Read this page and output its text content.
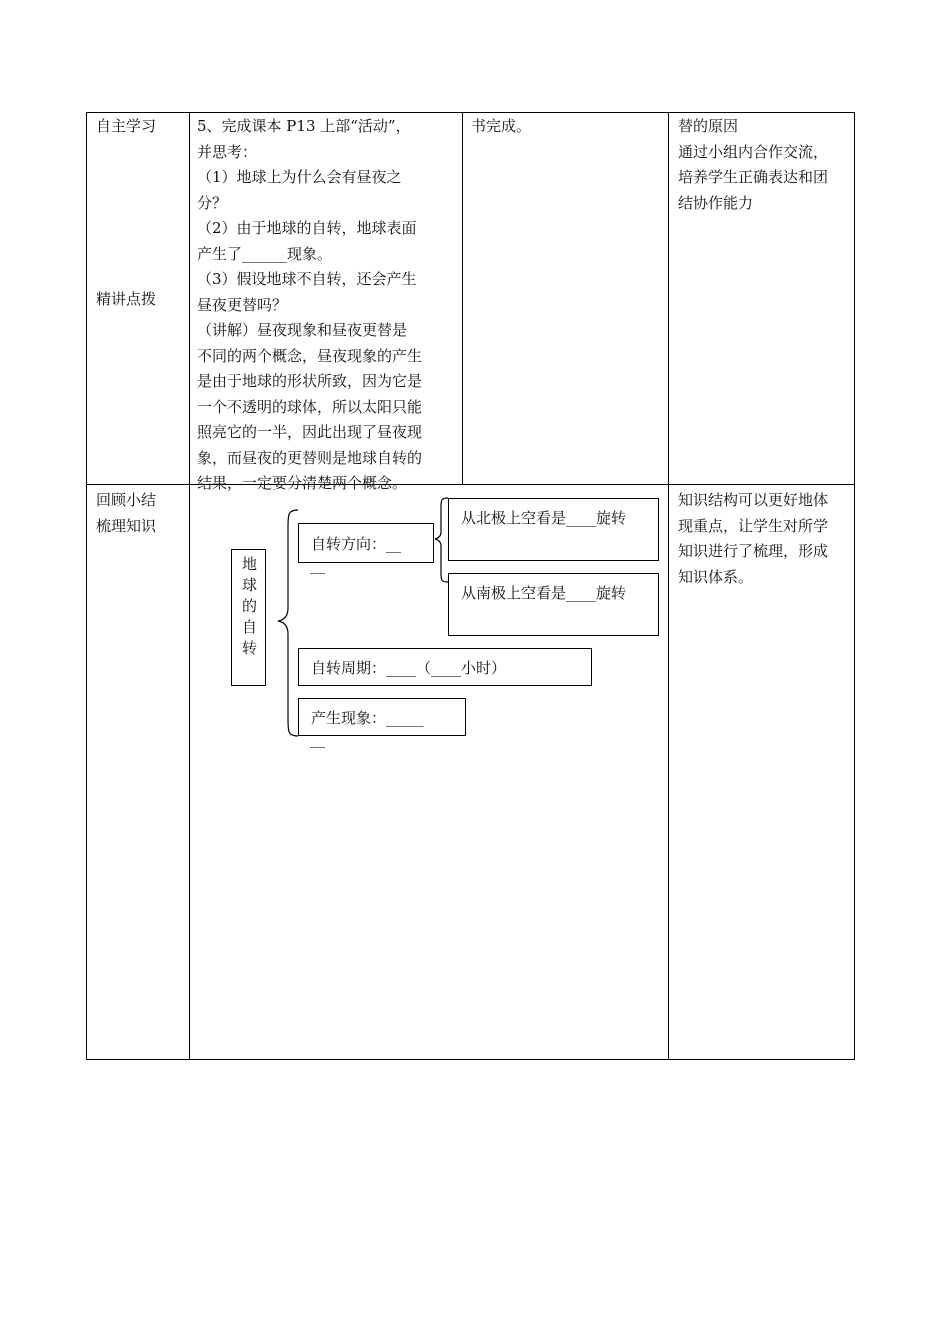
自主学习
精讲点拨
5、完成课本 P13 上部“活动”，
并思考：
（1）地球上为什么会有昼夜之
分？
（2）由于地球的自转，地球表面
产生了______现象。
（3）假设地球不自转，还会产生
昼夜更替吗？
（讲解）昼夜现象和昼夜更替是
不同的两个概念，昼夜现象的产生
是由于地球的形状所致，因为它是
一个不透明的球体，所以太阳只能
照亮它的一半，因此出现了昼夜现
象，而昼夜的更替则是地球自转的
结果，一定要分清楚两个概念。
书完成。	替的原因
通过小组内合作交流，
培养学生正确表达和团
结协作能力
回顾小结
梳理知识
知识结构可以更好地体
现重点，让学生对所学
知识进行了梳理，形成
知识体系。
地球的自转
自转方向：__
__
从北极上空看是____旋转
从南极上空看是____旋转
自转周期：____（____小时）
产生现象：_____
__
